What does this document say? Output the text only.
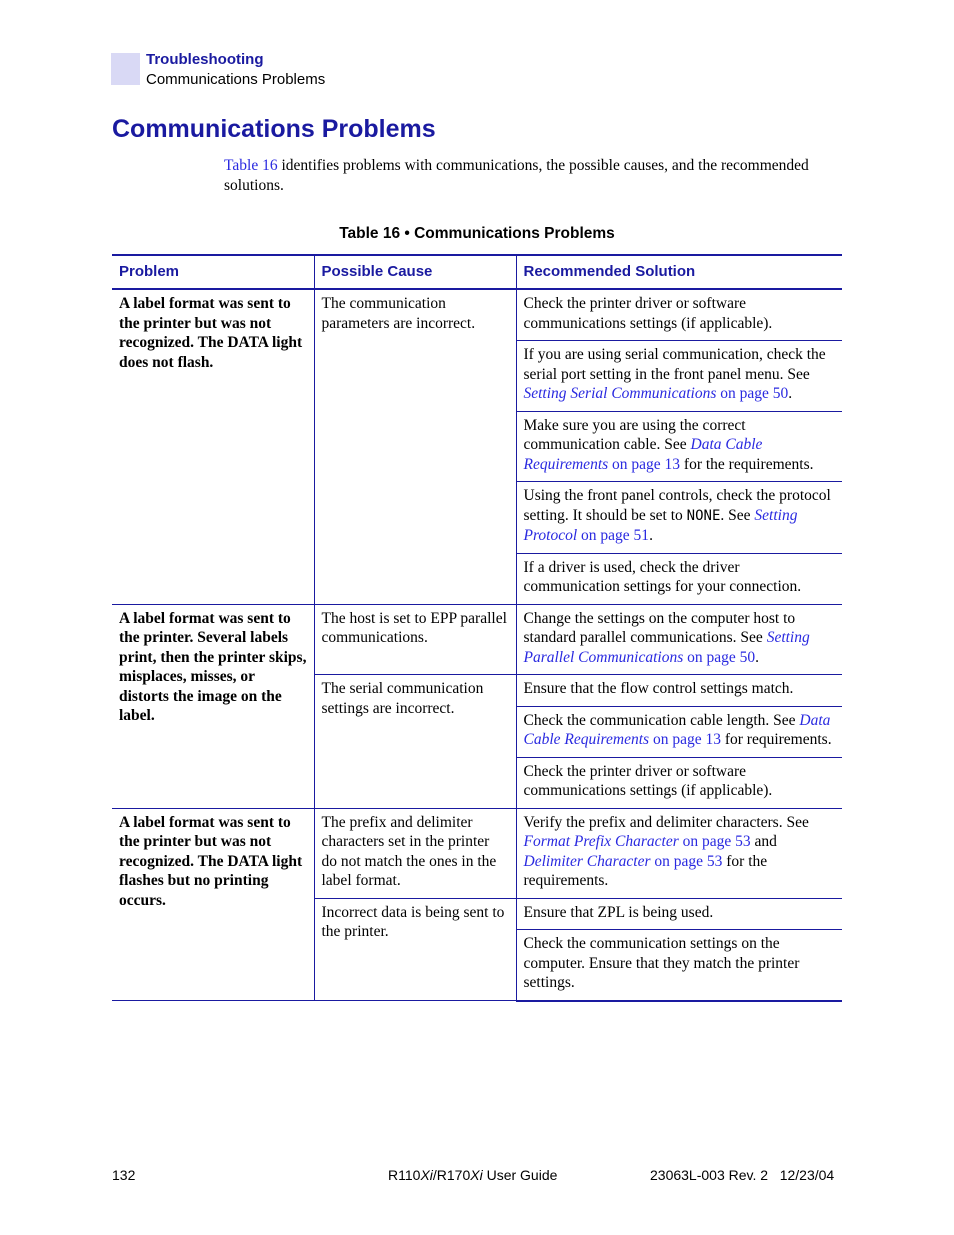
Troubleshooting
Communications Problems
Communications Problems

Table 16 identifies problems with communications, the possible causes, and the recommended solutions.

Table 16 • Communications Problems
Problem	Possible Cause	Recommended Solution
A label format was sent to the printer but was not recognized. The DATA light does not flash.	The communication parameters are incorrect.	Check the printer driver or software communications settings (if applicable).
		If you are using serial communication, check the serial port setting in the front panel menu. See Setting Serial Communications on page 50.
		Make sure you are using the correct communication cable. See Data Cable Requirements on page 13 for the requirements.
		Using the front panel controls, check the protocol setting. It should be set to NONE. See Setting Protocol on page 51.
		If a driver is used, check the driver communication settings for your connection.
A label format was sent to the printer. Several labels print, then the printer skips, misplaces, misses, or distorts the image on the label.	The host is set to EPP parallel communications.	Change the settings on the computer host to standard parallel communications. See Setting Parallel Communications on page 50.
	The serial communication settings are incorrect.	Ensure that the flow control settings match.
		Check the communication cable length. See Data Cable Requirements on page 13 for requirements.
		Check the printer driver or software communications settings (if applicable).
A label format was sent to the printer but was not recognized. The DATA light flashes but no printing occurs.	The prefix and delimiter characters set in the printer do not match the ones in the label format.	Verify the prefix and delimiter characters. See Format Prefix Character on page 53 and Delimiter Character on page 53 for the requirements.
	Incorrect data is being sent to the printer.	Ensure that ZPL is being used.
		Check the communication settings on the computer. Ensure that they match the printer settings.
132	R110Xi/R170Xi User Guide	23063L-003 Rev. 2   12/23/04
